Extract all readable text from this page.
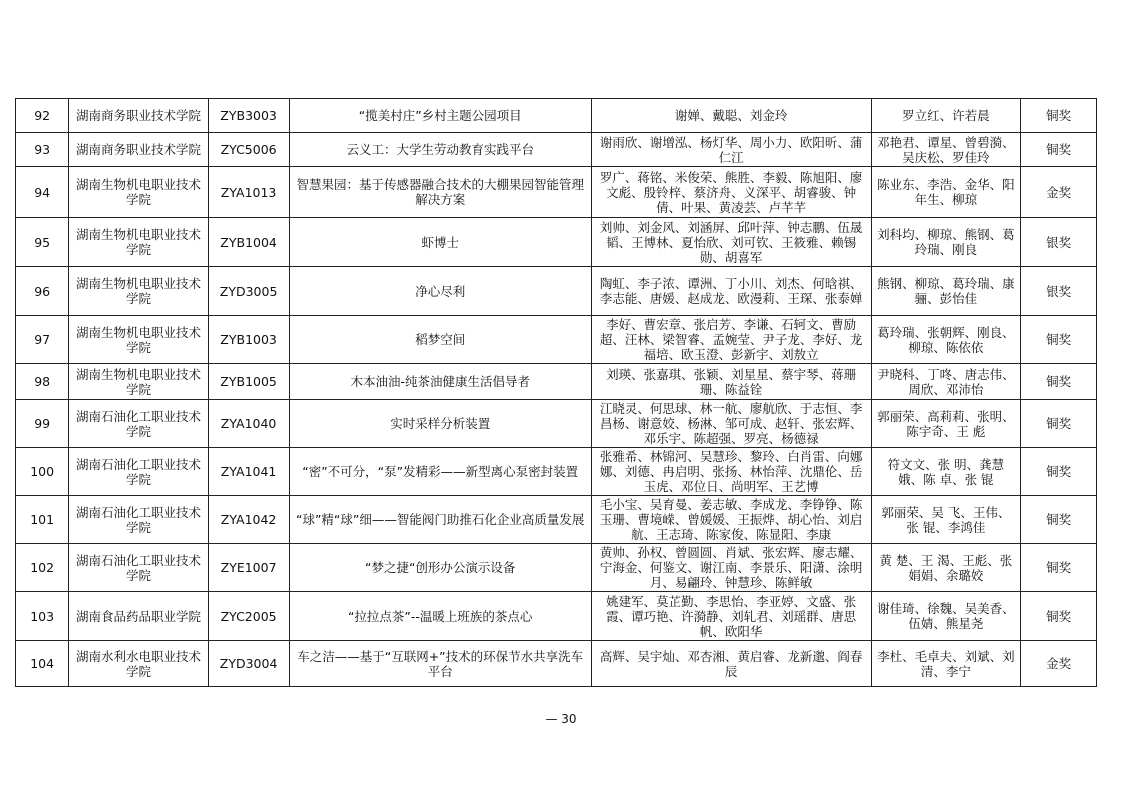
92	湖南商务职业技术学院	ZYB3003	“揽美村庄”乡村主题公园项目	谢婵、戴聪、刘金玲	罗立红、许若晨	铜奖
93	湖南商务职业技术学院	ZYC5006	云义工：大学生劳动教育实践平台	谢雨欣、谢增泓、杨灯华、周小力、欧阳昕、蒲仁江	邓艳君、谭星、曾碧漪、吴庆松、罗佳玲	铜奖
94	湖南生物机电职业技术学院	ZYA1013	智慧果园：基于传感器融合技术的大棚果园智能管理解决方案	罗广、蒋铭、米俊荣、熊胜、李毅、陈旭阳、廖文彪、殷铃梓、蔡济舟、义深平、胡睿骏、钟倩、叶果、黄凌芸、卢芊芊	陈业东、李浩、金华、阳年生、柳琼	金奖
95	湖南生物机电职业技术学院	ZYB1004	虾博士	刘帅、刘金风、刘涵屏、邱叶萍、钟志鹏、伍晟韬、王博林、夏怡欣、刘可钦、王筱雅、赖锡勋、胡喜军	刘科均、柳琼、熊钢、葛玲瑞、刚良	银奖
96	湖南生物机电职业技术学院	ZYD3005	净心尽利	陶虹、李子浓、谭洲、丁小川、刘杰、何晗祺、李志能、唐媛、赵成龙、欧漫莉、王琛、张泰婵	熊钢、柳琼、葛玲瑞、康骊、彭怡佳	银奖
97	湖南生物机电职业技术学院	ZYB1003	稻梦空间	李好、曹宏章、张启芳、李谦、石轲文、曹励超、汪林、梁智睿、孟婉莹、尹子龙、李好、龙福培、欧玉澄、彭新宇、刘敖立	葛玲瑞、张朝辉、刚良、柳琼、陈依依	铜奖
98	湖南生物机电职业技术学院	ZYB1005	木本油油-纯茶油健康生活倡导者	刘瑛、张嘉琪、张颖、刘星星、蔡宇琴、蒋珊珊、陈益铨	尹晓科、丁咚、唐志伟、周欣、邓沛怡	铜奖
99	湖南石油化工职业技术学院	ZYA1040	实时采样分析装置	江晓灵、何思球、林一航、廖航欣、于志恒、李昌杨、谢意姣、杨淋、邹可成、赵轩、张宏辉、邓乐宇、陈超强、罗亮、杨德禄	郭丽荣、高莉莉、张明、陈宇奇、王 彪	铜奖
100	湖南石油化工职业技术学院	ZYA1041	“密”不可分，“泵”发精彩——新型离心泵密封装置	张雅希、林锦河、吴慧珍、黎玲、白肖雷、向娜娜、刘德、冉启明、张扬、林怡萍、沈鼎伦、岳玉虎、邓位日、尚明军、王艺博	符文文、张 明、龚慧娥、陈 卓、张 锟	铜奖
101	湖南石油化工职业技术学院	ZYA1042	“球”精“球”细——智能阀门助推石化企业高质量发展	毛小宝、吴育曼、姜志敏、李成龙、李铮铮、陈玉珊、曹境嵘、曾媛媛、王振烨、胡心怡、刘启航、王志琦、陈家俊、陈显阳、李康	郭丽荣、吴 飞、王伟、张 锟、李鸿佳	铜奖
102	湖南石油化工职业技术学院	ZYE1007	“梦之捷“创形办公演示设备	黄帅、孙权、曾圆圆、肖斌、张宏辉、廖志耀、宁海金、何鉴文、谢江南、李景乐、阳潇、涂明月、易翩玲、钟慧珍、陈鲜敏	黄 楚、王 渴、王彪、张娟娟、余璐姣	铜奖
103	湖南食品药品职业学院	ZYC2005	“拉拉点茶”--温暖上班族的茶点心	姚建军、莫芷勤、李思怡、李亚婷、文盛、张霞、谭巧艳、许漪静、刘轧君、刘瑶群、唐思帆、欧阳华	谢佳琦、徐魏、吴美香、伍婧、熊星尧	铜奖
104	湖南水利水电职业技术学院	ZYD3004	车之洁——基于“互联网+”技术的环保节水共享洗车平台	高辉、吴宇灿、邓杏湘、黄启睿、龙新邈、阎春辰	李杜、毛卓夫、刘斌、刘清、李宁	金奖
— 30
